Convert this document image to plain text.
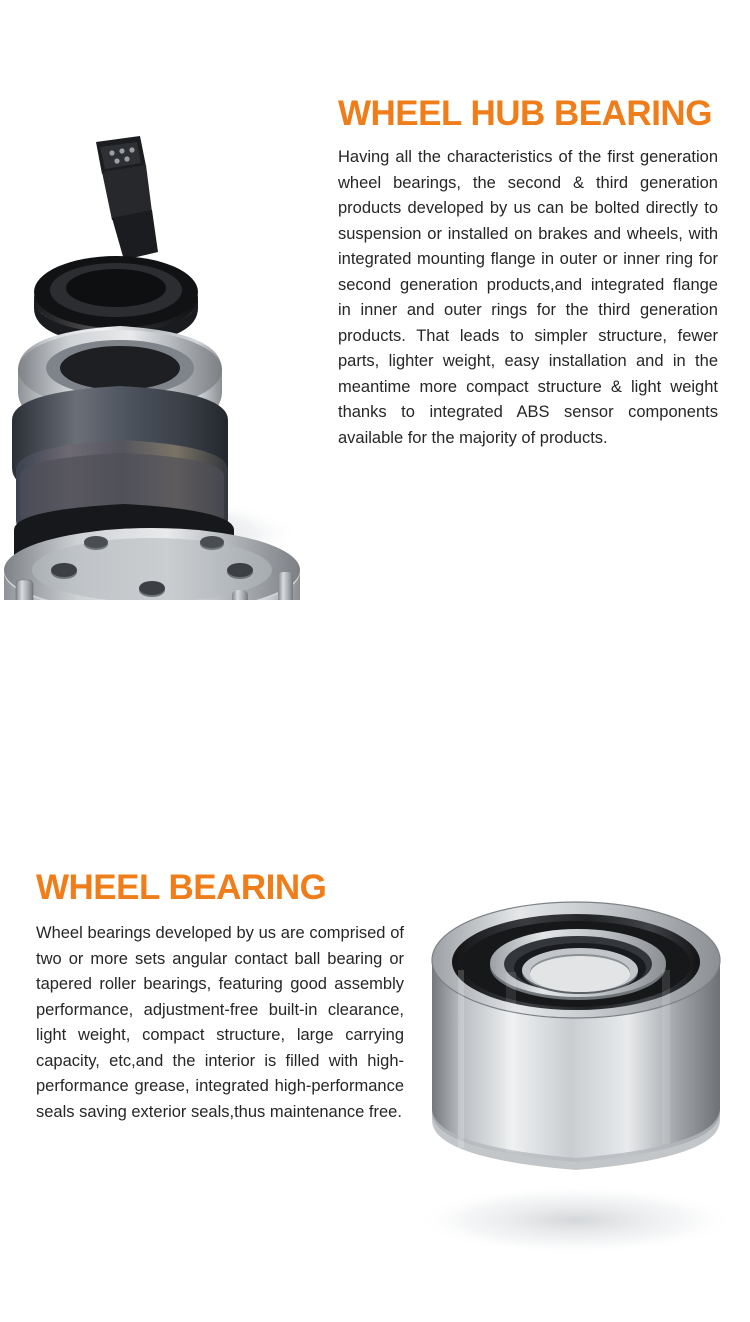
WHEEL HUB BEARING

Having all the characteristics of the first generation wheel bearings, the second & third generation products developed by us can be bolted directly to suspension or installed on brakes and wheels, with integrated mounting flange in outer or inner ring for second generation products,and integrated flange in inner and outer rings for the third generation products. That leads to simpler structure, fewer parts, lighter weight, easy installation and in the meantime more compact structure & light weight thanks to integrated ABS sensor components available for the majority of products.

WHEEL BEARING

Wheel bearings developed by us are comprised of two or more sets angular contact ball bearing or tapered roller bearings, featuring good assembly performance, adjustment-free built-in clearance, light weight, compact structure, large carrying capacity, etc,and the interior is filled with high-performance grease, integrated high-performance seals saving exterior seals,thus maintenance free.
